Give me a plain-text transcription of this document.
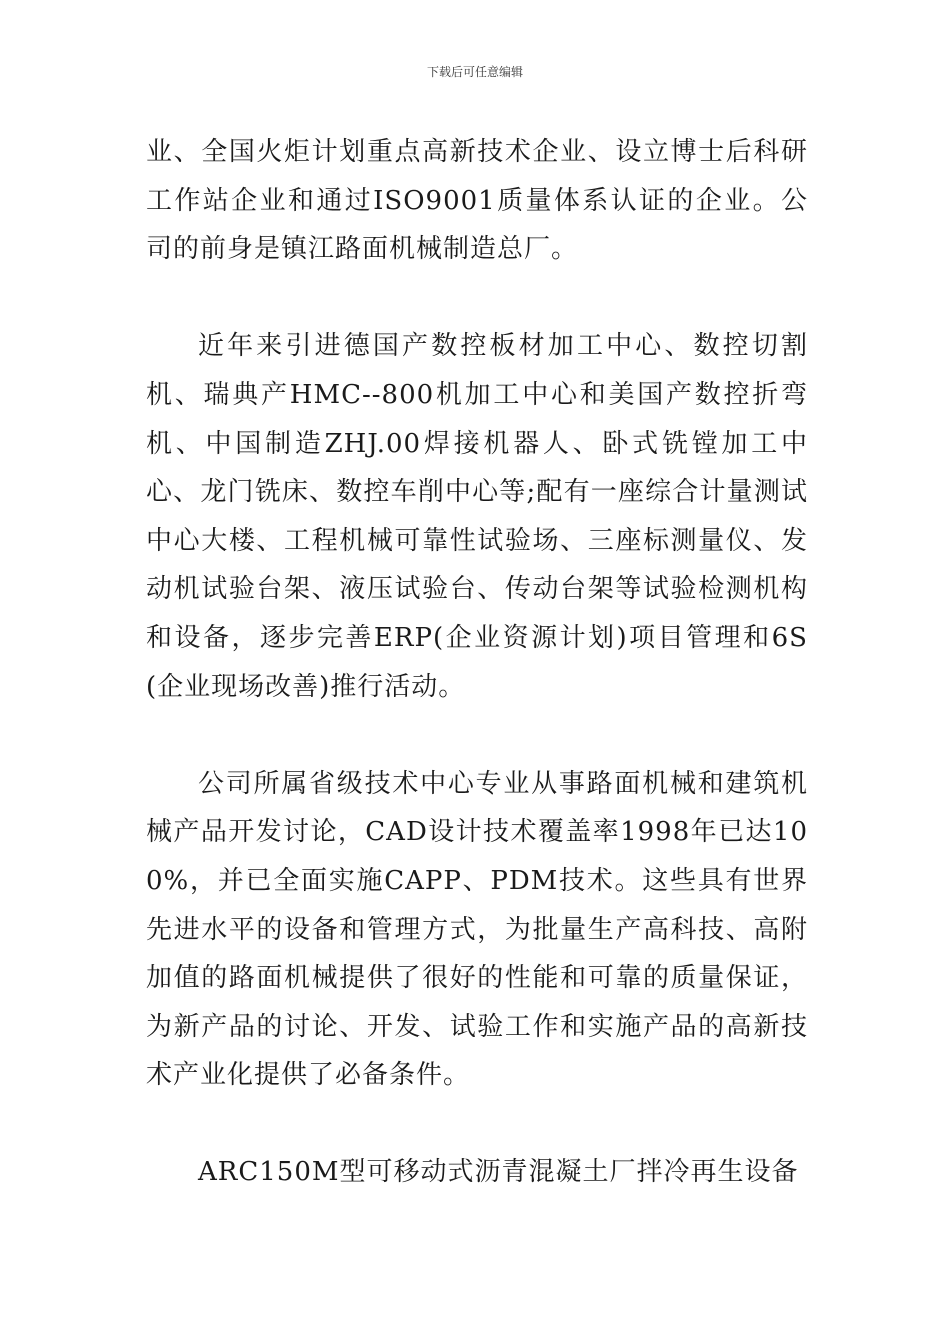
下载后可任意编辑

业、全国火炬计划重点高新技术企业、设立博士后科研工作站企业和通过ISO9001质量体系认证的企业。公司的前身是镇江路面机械制造总厂。

近年来引进德国产数控板材加工中心、数控切割机、瑞典产HMC--800机加工中心和美国产数控折弯机、中国制造ZHJ.00焊接机器人、卧式铣镗加工中心、龙门铣床、数控车削中心等;配有一座综合计量测试中心大楼、工程机械可靠性试验场、三座标测量仪、发动机试验台架、液压试验台、传动台架等试验检测机构和设备，逐步完善ERP(企业资源计划)项目管理和6S(企业现场改善)推行活动。

公司所属省级技术中心专业从事路面机械和建筑机械产品开发讨论，CAD设计技术覆盖率1998年已达100%，并已全面实施CAPP、PDM技术。这些具有世界先进水平的设备和管理方式，为批量生产高科技、高附加值的路面机械提供了很好的性能和可靠的质量保证，为新产品的讨论、开发、试验工作和实施产品的高新技术产业化提供了必备条件。

ARC150M型可移动式沥青混凝土厂拌冷再生设备
